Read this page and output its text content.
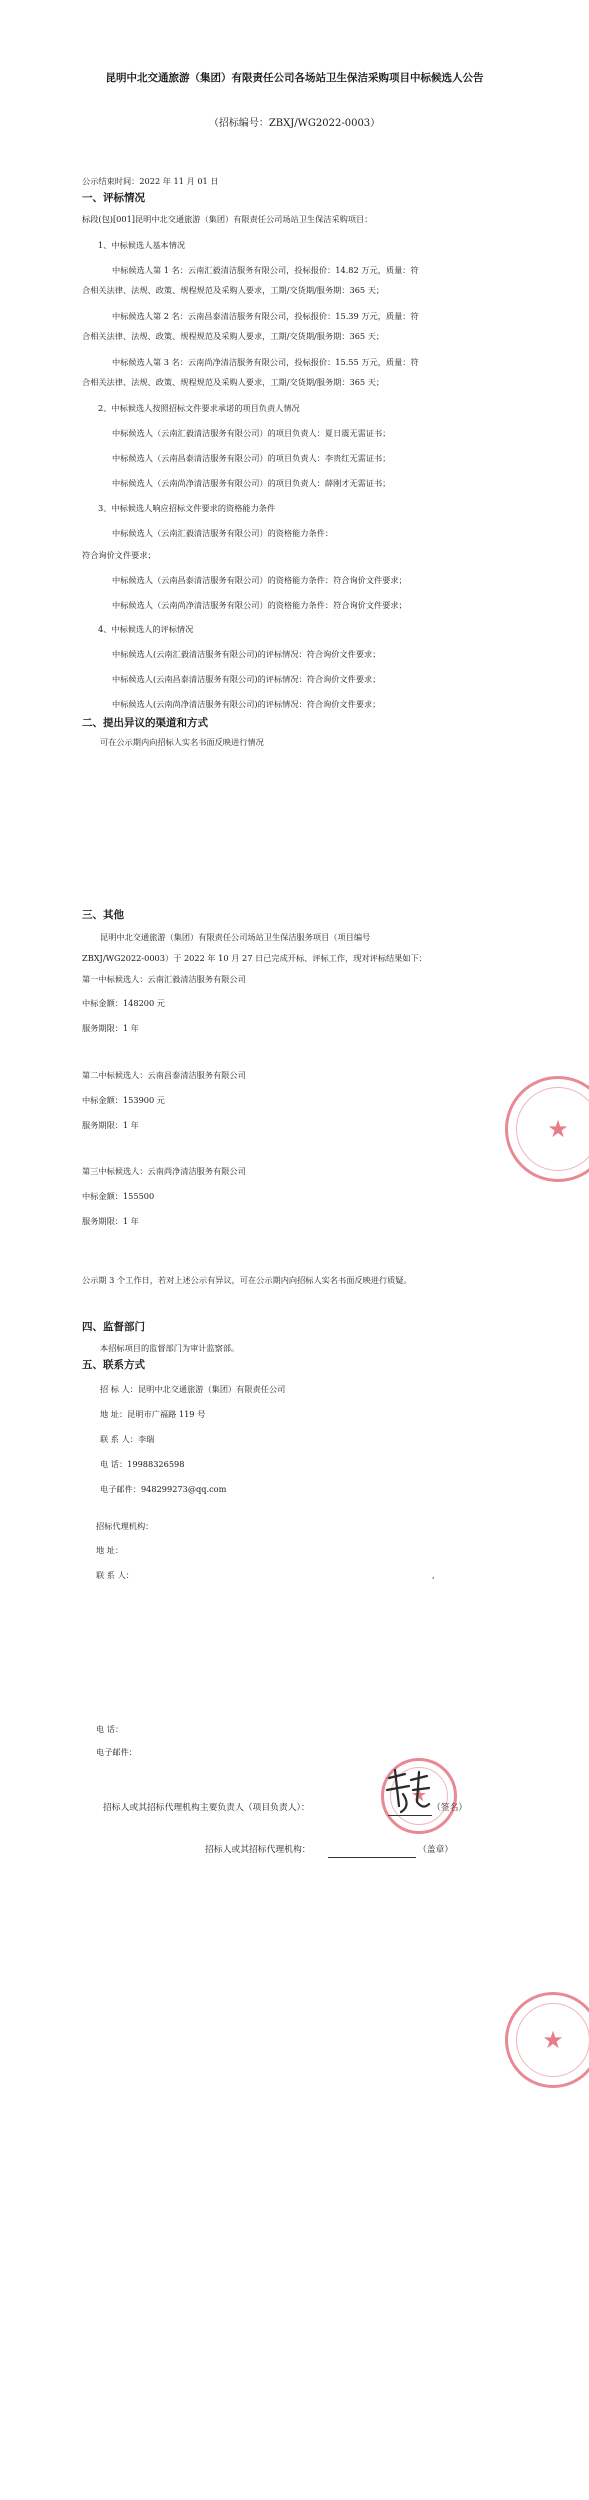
昆明中北交通旅游（集团）有限责任公司各场站卫生保洁采购项目中标候选人公告
（招标编号：ZBXJ/WG2022-0003）
公示结束时间：2022 年 11 月 01 日
一、评标情况
标段(包)[001]昆明中北交通旅游（集团）有限责任公司场站卫生保洁采购项目：
1、中标候选人基本情况
中标候选人第 1 名：云南汇毅清洁服务有限公司，投标报价：14.82 万元，质量：符
合相关法律、法规、政策、规程规范及采购人要求，工期/交货期/服务期：365 天；
中标候选人第 2 名：云南昌泰清洁服务有限公司，投标报价：15.39 万元，质量：符
合相关法律、法规、政策、规程规范及采购人要求，工期/交货期/服务期：365 天；
中标候选人第 3 名：云南尚净清洁服务有限公司，投标报价：15.55 万元，质量：符
合相关法律、法规、政策、规程规范及采购人要求，工期/交货期/服务期：365 天；
2、中标候选人按照招标文件要求承诺的项目负责人情况
中标候选人（云南汇毅清洁服务有限公司）的项目负责人：夏日震无需证书；
中标候选人（云南昌泰清洁服务有限公司）的项目负责人：李贵红无需证书；
中标候选人（云南尚净清洁服务有限公司）的项目负责人：薛刚才无需证书；
3、中标候选人响应招标文件要求的资格能力条件
中标候选人（云南汇毅清洁服务有限公司）的资格能力条件：
符合询价文件要求；
中标候选人（云南昌泰清洁服务有限公司）的资格能力条件：符合询价文件要求；
中标候选人（云南尚净清洁服务有限公司）的资格能力条件：符合询价文件要求；
4、中标候选人的评标情况
中标候选人(云南汇毅清洁服务有限公司)的评标情况：符合询价文件要求；
中标候选人(云南昌泰清洁服务有限公司)的评标情况：符合询价文件要求；
中标候选人(云南尚净清洁服务有限公司)的评标情况：符合询价文件要求；
二、提出异议的渠道和方式
可在公示期内向招标人实名书面反映进行情况
三、其他
昆明中北交通旅游（集团）有限责任公司场站卫生保洁服务项目（项目编号
ZBXJ/WG2022-0003）于 2022 年 10 月 27 日已完成开标、评标工作，现对评标结果如下：
第一中标候选人：云南汇毅清洁服务有限公司
中标金额：148200 元
服务期限：1 年
第二中标候选人：云南昌泰清洁服务有限公司
中标金额：153900 元
服务期限：1 年
第三中标候选人：云南尚净清洁服务有限公司
中标金额：155500
服务期限：1 年
公示期 3 个工作日，若对上述公示有异议，可在公示期内向招标人实名书面反映进行质疑。
四、监督部门
本招标项目的监督部门为审计监察部。
五、联系方式
招 标 人：昆明中北交通旅游（集团）有限责任公司
地 址：昆明市广福路 119 号
联 系 人：李瑞
电 话：19988326598
电子邮件：948299273@qq.com
招标代理机构：
地 址：
联 系 人：	,
电 话：
电子邮件：
招标人或其招标代理机构主要负责人（项目负责人）：	（签名）
招标人或其招标代理机构：	（盖章）
★
★
★
